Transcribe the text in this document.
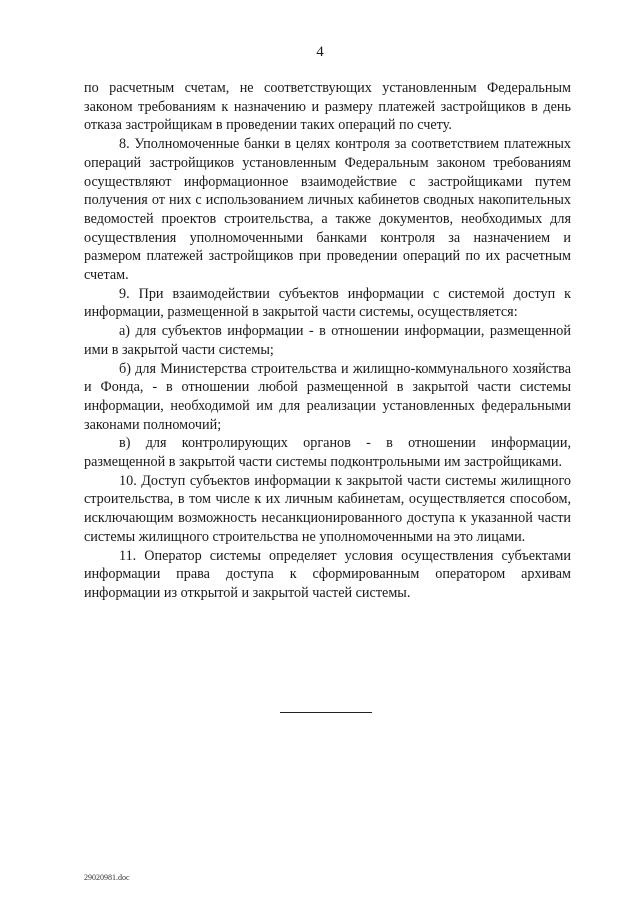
4

по расчетным счетам, не соответствующих установленным Федеральным законом требованиям к назначению и размеру платежей застройщиков в день отказа застройщикам в проведении таких операций по счету.

8. Уполномоченные банки в целях контроля за соответствием платежных операций застройщиков установленным Федеральным законом требованиям осуществляют информационное взаимодействие с застройщиками путем получения от них с использованием личных кабинетов сводных накопительных ведомостей проектов строительства, а также документов, необходимых для осуществления уполномоченными банками контроля за назначением и размером платежей застройщиков при проведении операций по их расчетным счетам.

9. При взаимодействии субъектов информации с системой доступ к информации, размещенной в закрытой части системы, осуществляется:

а) для субъектов информации - в отношении информации, размещенной ими в закрытой части системы;

б) для Министерства строительства и жилищно-коммунального хозяйства и Фонда, - в отношении любой размещенной в закрытой части системы информации, необходимой им для реализации установленных федеральными законами полномочий;

в) для контролирующих органов - в отношении информации, размещенной в закрытой части системы подконтрольными им застройщиками.

10. Доступ субъектов информации к закрытой части системы жилищного строительства, в том числе к их личным кабинетам, осуществляется способом, исключающим возможность несанкционированного доступа к указанной части системы жилищного строительства не уполномоченными на это лицами.

11. Оператор системы определяет условия осуществления субъектами информации права доступа к сформированным оператором архивам информации из открытой и закрытой частей системы.

29020981.doc
